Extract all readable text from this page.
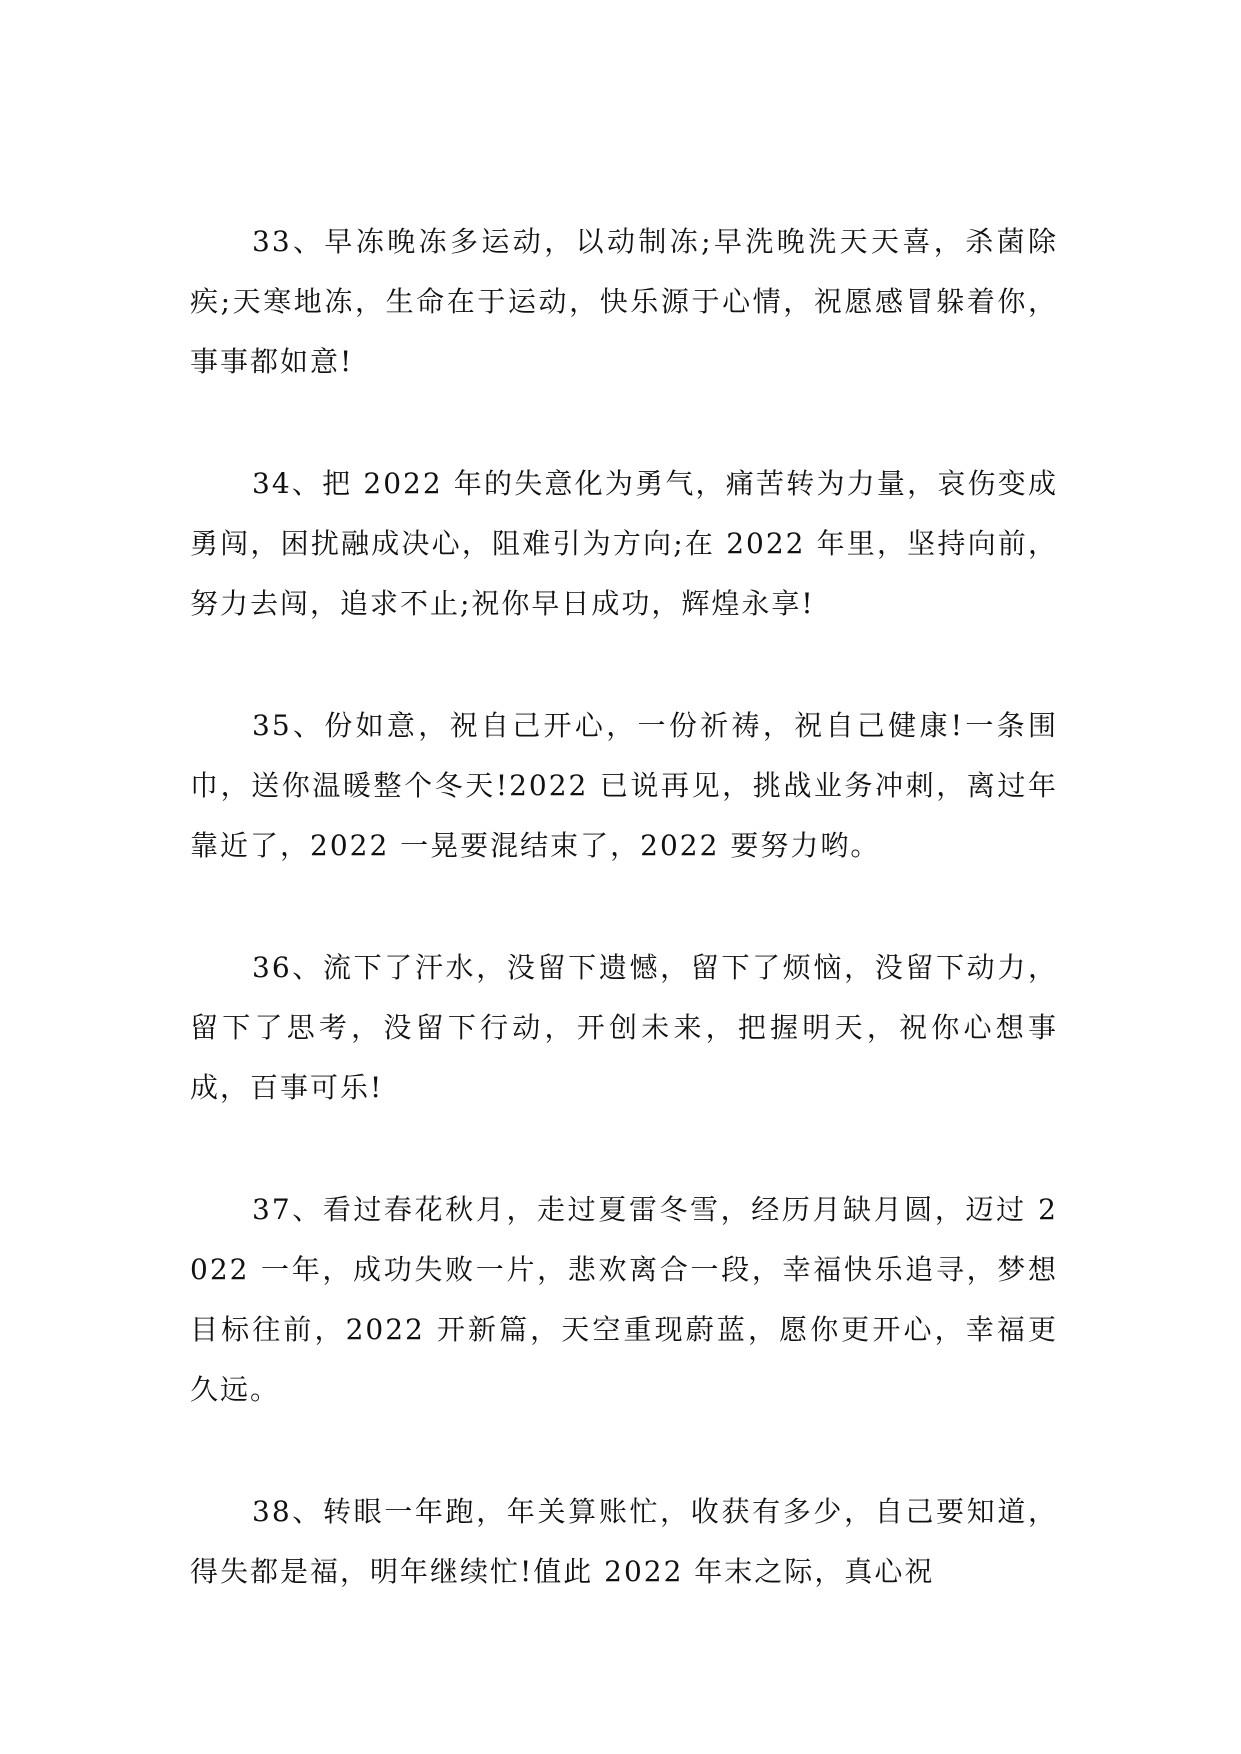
33、早冻晚冻多运动，以动制冻;早洗晚洗天天喜，杀菌除疾;天寒地冻，生命在于运动，快乐源于心情，祝愿感冒躲着你，事事都如意!

34、把 2022 年的失意化为勇气，痛苦转为力量，哀伤变成勇闯，困扰融成决心，阻难引为方向;在 2022 年里，坚持向前，努力去闯，追求不止;祝你早日成功，辉煌永享!

35、份如意，祝自己开心，一份祈祷，祝自己健康!一条围巾，送你温暖整个冬天!2022 已说再见，挑战业务冲刺，离过年靠近了，2022 一晃要混结束了，2022 要努力哟。

36、流下了汗水，没留下遗憾，留下了烦恼，没留下动力，留下了思考，没留下行动，开创未来，把握明天，祝你心想事成，百事可乐!

37、看过春花秋月，走过夏雷冬雪，经历月缺月圆，迈过 2022 一年，成功失败一片，悲欢离合一段，幸福快乐追寻，梦想目标往前，2022 开新篇，天空重现蔚蓝，愿你更开心，幸福更久远。

38、转眼一年跑，年关算账忙，收获有多少，自己要知道，得失都是福，明年继续忙!值此 2022 年末之际，真心祝
